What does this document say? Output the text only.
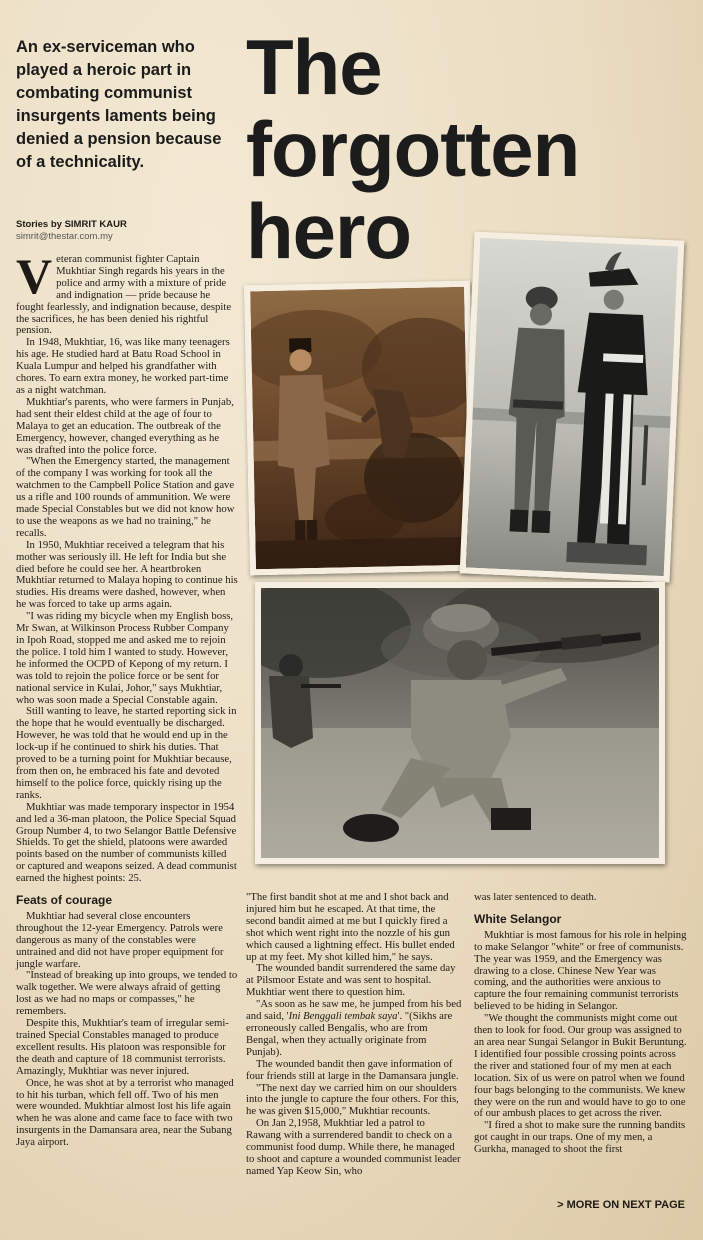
An ex-serviceman who played a heroic part in combating communist insurgents laments being denied a pension because of a technicality.
Stories by SIMRIT KAUR
simrit@thestar.com.my
The
forgotten
hero

Veteran communist fighter Captain Mukhtiar Singh regards his years in the police and army with a mixture of pride and indignation — pride because he fought fearlessly, and indignation because, despite the sacrifices, he has been denied his rightful pension.

In 1948, Mukhtiar, 16, was like many teenagers his age. He studied hard at Batu Road School in Kuala Lumpur and helped his grandfather with chores. To earn extra money, he worked part-time as a night watchman.

Mukhtiar's parents, who were farmers in Punjab, had sent their eldest child at the age of four to Malaya to get an education. The outbreak of the Emergency, however, changed everything as he was drafted into the police force.

"When the Emergency started, the management of the company I was working for took all the watchmen to the Campbell Police Station and gave us a rifle and 100 rounds of ammunition. We were made Special Constables but we did not know how to use the weapons as we had no training," he recalls.

In 1950, Mukhtiar received a telegram that his mother was seriously ill. He left for India but she died before he could see her. A heartbroken Mukhtiar returned to Malaya hoping to continue his studies. His dreams were dashed, however, when he was forced to take up arms again.

"I was riding my bicycle when my English boss, Mr Swan, at Wilkinson Process Rubber Company in Ipoh Road, stopped me and asked me to rejoin the police. I told him I wanted to study. However, he informed the OCPD of Kepong of my return. I was told to rejoin the police force or be sent for national service in Kulai, Johor," says Mukhtiar, who was soon made a Special Constable again.

Still wanting to leave, he started reporting sick in the hope that he would eventually be discharged. However, he was told that he would end up in the lock-up if he continued to shirk his duties. That proved to be a turning point for Mukhtiar because, from then on, he embraced his fate and devoted himself to the police force, quickly rising up the ranks.

Mukhtiar was made temporary inspector in 1954 and led a 36-man platoon, the Police Special Squad Group Number 4, to two Selangor Battle Defensive Shields. To get the shield, platoons were awarded points based on the number of communists killed or captured and weapons seized. A dead communist earned the highest points: 25.

Feats of courage

Mukhtiar had several close encounters throughout the 12-year Emergency. Patrols were dangerous as many of the constables were untrained and did not have proper equipment for jungle warfare.

"Instead of breaking up into groups, we tended to walk together. We were always afraid of getting lost as we had no maps or compasses," he remembers.

Despite this, Mukhtiar's team of irregular semi-trained Special Constables managed to produce excellent results. His platoon was responsible for the death and capture of 18 communist terrorists. Amazingly, Mukhtiar was never injured.

Once, he was shot at by a terrorist who managed to hit his turban, which fell off. Two of his men were wounded. Mukhtiar almost lost his life again when he was alone and came face to face with two insurgents in the Damansara area, near the Subang Jaya airport.

"The first bandit shot at me and I shot back and injured him but he escaped. At that time, the second bandit aimed at me but I quickly fired a shot which went right into the nozzle of his gun which caused a lightning effect. His bullet ended up at my feet. My shot killed him," he says.

The wounded bandit surrendered the same day at Pilsmoor Estate and was sent to hospital. Mukhtiar went there to question him.

"As soon as he saw me, he jumped from his bed and said, 'Ini Benggali tembak saya'. "(Sikhs are erroneously called Bengalis, who are from Bengal, when they actually originate from Punjab).

The wounded bandit then gave information of four friends still at large in the Damansara jungle.

"The next day we carried him on our shoulders into the jungle to capture the four others. For this, he was given $15,000," Mukhtiar recounts.

On Jan 2,1958, Mukhtiar led a patrol to Rawang with a surrendered bandit to check on a communist food dump. While there, he managed to shoot and capture a wounded communist leader named Yap Keow Sin, who

was later sentenced to death.

White Selangor

Mukhtiar is most famous for his role in helping to make Selangor "white" or free of communists. The year was 1959, and the Emergency was drawing to a close. Chinese New Year was coming, and the authorities were anxious to capture the four remaining communist terrorists believed to be hiding in Selangor.

"We thought the communists might come out then to look for food. Our group was assigned to an area near Sungai Selangor in Bukit Beruntung. I identified four possible crossing points across the river and stationed four of my men at each location. Six of us were on patrol when we found four bags belonging to the communists. We knew they were on the run and would have to go to one of our ambush places to get across the river.

"I fired a shot to make sure the running bandits got caught in our traps. One of my men, a Gurkha, managed to shoot the first

> MORE ON NEXT PAGE
